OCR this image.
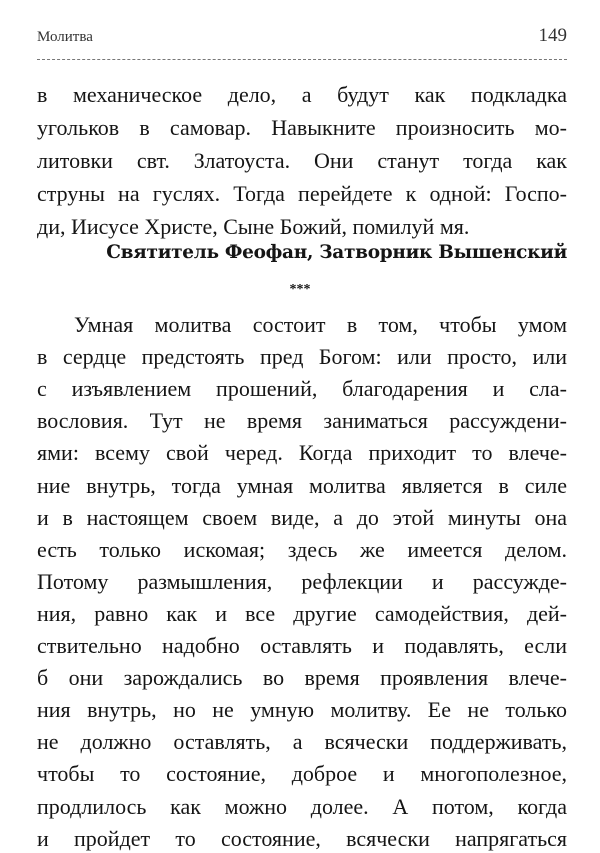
Молитва	149
в механическое дело, а будут как подкладка
угольков в самовар. Навыкните произносить мо-
литовки свт. Златоуста. Они станут тогда как
струны на гуслях. Тогда перейдете к одной: Госпо-
ди, Иисусе Христе, Сыне Божий, помилуй мя.
Святитель Феофан, Затворник Вышенский
***
Умная молитва состоит в том, чтобы умом
в сердце предстоять пред Богом: или просто, или
с изъявлением прошений, благодарения и сла-
вословия. Тут не время заниматься рассуждени-
ями: всему свой черед. Когда приходит то влече-
ние внутрь, тогда умная молитва является в силе
и в настоящем своем виде, а до этой минуты она
есть только искомая; здесь же имеется делом.
Потому размышления, рефлекции и рассужде-
ния, равно как и все другие самодействия, дей-
ствительно надобно оставлять и подавлять, если
б они зарождались во время проявления влече-
ния внутрь, но не умную молитву. Ее не только
не должно оставлять, а всячески поддерживать,
чтобы то состояние, доброе и многополезное,
продлилось как можно долее. А потом, когда
и пройдет то состояние, всячески напрягаться
